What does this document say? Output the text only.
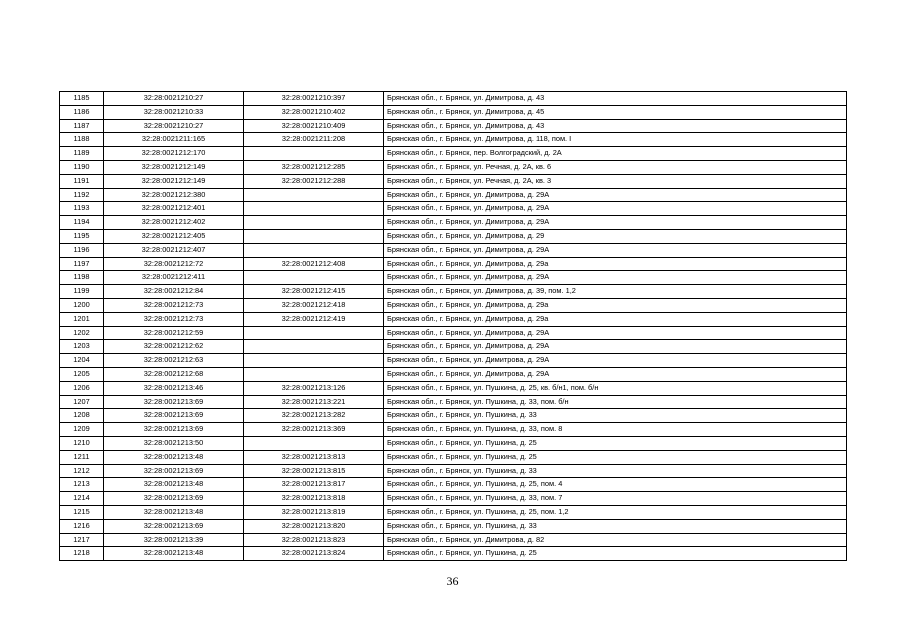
1185	32:28:0021210:27	32:28:0021210:397	Брянская обл., г. Брянск, ул. Димитрова, д. 43
1186	32:28:0021210:33	32:28:0021210:402	Брянская обл., г. Брянск, ул. Димитрова, д. 45
1187	32:28:0021210:27	32:28:0021210:409	Брянская обл., г. Брянск, ул. Димитрова, д. 43
1188	32:28:0021211:165	32:28:0021211:208	Брянская обл., г. Брянск, ул. Димитрова, д. 118, пом. I
1189	32:28:0021212:170		Брянская обл., г. Брянск, пер. Волгоградский, д. 2А
1190	32:28:0021212:149	32:28:0021212:285	Брянская обл., г. Брянск, ул. Речная, д. 2А, кв. 6
1191	32:28:0021212:149	32:28:0021212:288	Брянская обл., г. Брянск, ул. Речная, д. 2А, кв. 3
1192	32:28:0021212:380		Брянская обл., г. Брянск, ул. Димитрова, д. 29А
1193	32:28:0021212:401		Брянская обл., г. Брянск, ул. Димитрова, д. 29А
1194	32:28:0021212:402		Брянская обл., г. Брянск, ул. Димитрова, д. 29А
1195	32:28:0021212:405		Брянская обл., г. Брянск, ул. Димитрова, д. 29
1196	32:28:0021212:407		Брянская обл., г. Брянск, ул. Димитрова, д. 29А
1197	32:28:0021212:72	32:28:0021212:408	Брянская обл., г. Брянск, ул. Димитрова, д. 29а
1198	32:28:0021212:411		Брянская обл., г. Брянск, ул. Димитрова, д. 29А
1199	32:28:0021212:84	32:28:0021212:415	Брянская обл., г. Брянск, ул. Димитрова, д. 39, пом. 1,2
1200	32:28:0021212:73	32:28:0021212:418	Брянская обл., г. Брянск, ул. Димитрова, д. 29а
1201	32:28:0021212:73	32:28:0021212:419	Брянская обл., г. Брянск, ул. Димитрова, д. 29а
1202	32:28:0021212:59		Брянская обл., г. Брянск, ул. Димитрова, д. 29А
1203	32:28:0021212:62		Брянская обл., г. Брянск, ул. Димитрова, д. 29А
1204	32:28:0021212:63		Брянская обл., г. Брянск, ул. Димитрова, д. 29А
1205	32:28:0021212:68		Брянская обл., г. Брянск, ул. Димитрова, д. 29А
1206	32:28:0021213:46	32:28:0021213:126	Брянская обл., г. Брянск, ул. Пушкина, д. 25, кв. б/н1, пом. б/н
1207	32:28:0021213:69	32:28:0021213:221	Брянская обл., г. Брянск, ул. Пушкина, д. 33, пом. б/н
1208	32:28:0021213:69	32:28:0021213:282	Брянская обл., г. Брянск, ул. Пушкина, д. 33
1209	32:28:0021213:69	32:28:0021213:369	Брянская обл., г. Брянск, ул. Пушкина, д. 33, пом. 8
1210	32:28:0021213:50		Брянская обл., г. Брянск, ул. Пушкина, д. 25
1211	32:28:0021213:48	32:28:0021213:813	Брянская обл., г. Брянск, ул. Пушкина, д. 25
1212	32:28:0021213:69	32:28:0021213:815	Брянская обл., г. Брянск, ул. Пушкина, д. 33
1213	32:28:0021213:48	32:28:0021213:817	Брянская обл., г. Брянск, ул. Пушкина, д. 25, пом. 4
1214	32:28:0021213:69	32:28:0021213:818	Брянская обл., г. Брянск, ул. Пушкина, д. 33, пом. 7
1215	32:28:0021213:48	32:28:0021213:819	Брянская обл., г. Брянск, ул. Пушкина, д. 25, пом. 1,2
1216	32:28:0021213:69	32:28:0021213:820	Брянская обл., г. Брянск, ул. Пушкина, д. 33
1217	32:28:0021213:39	32:28:0021213:823	Брянская обл., г. Брянск, ул. Димитрова, д. 82
1218	32:28:0021213:48	32:28:0021213:824	Брянская обл., г. Брянск, ул. Пушкина, д. 25
36
